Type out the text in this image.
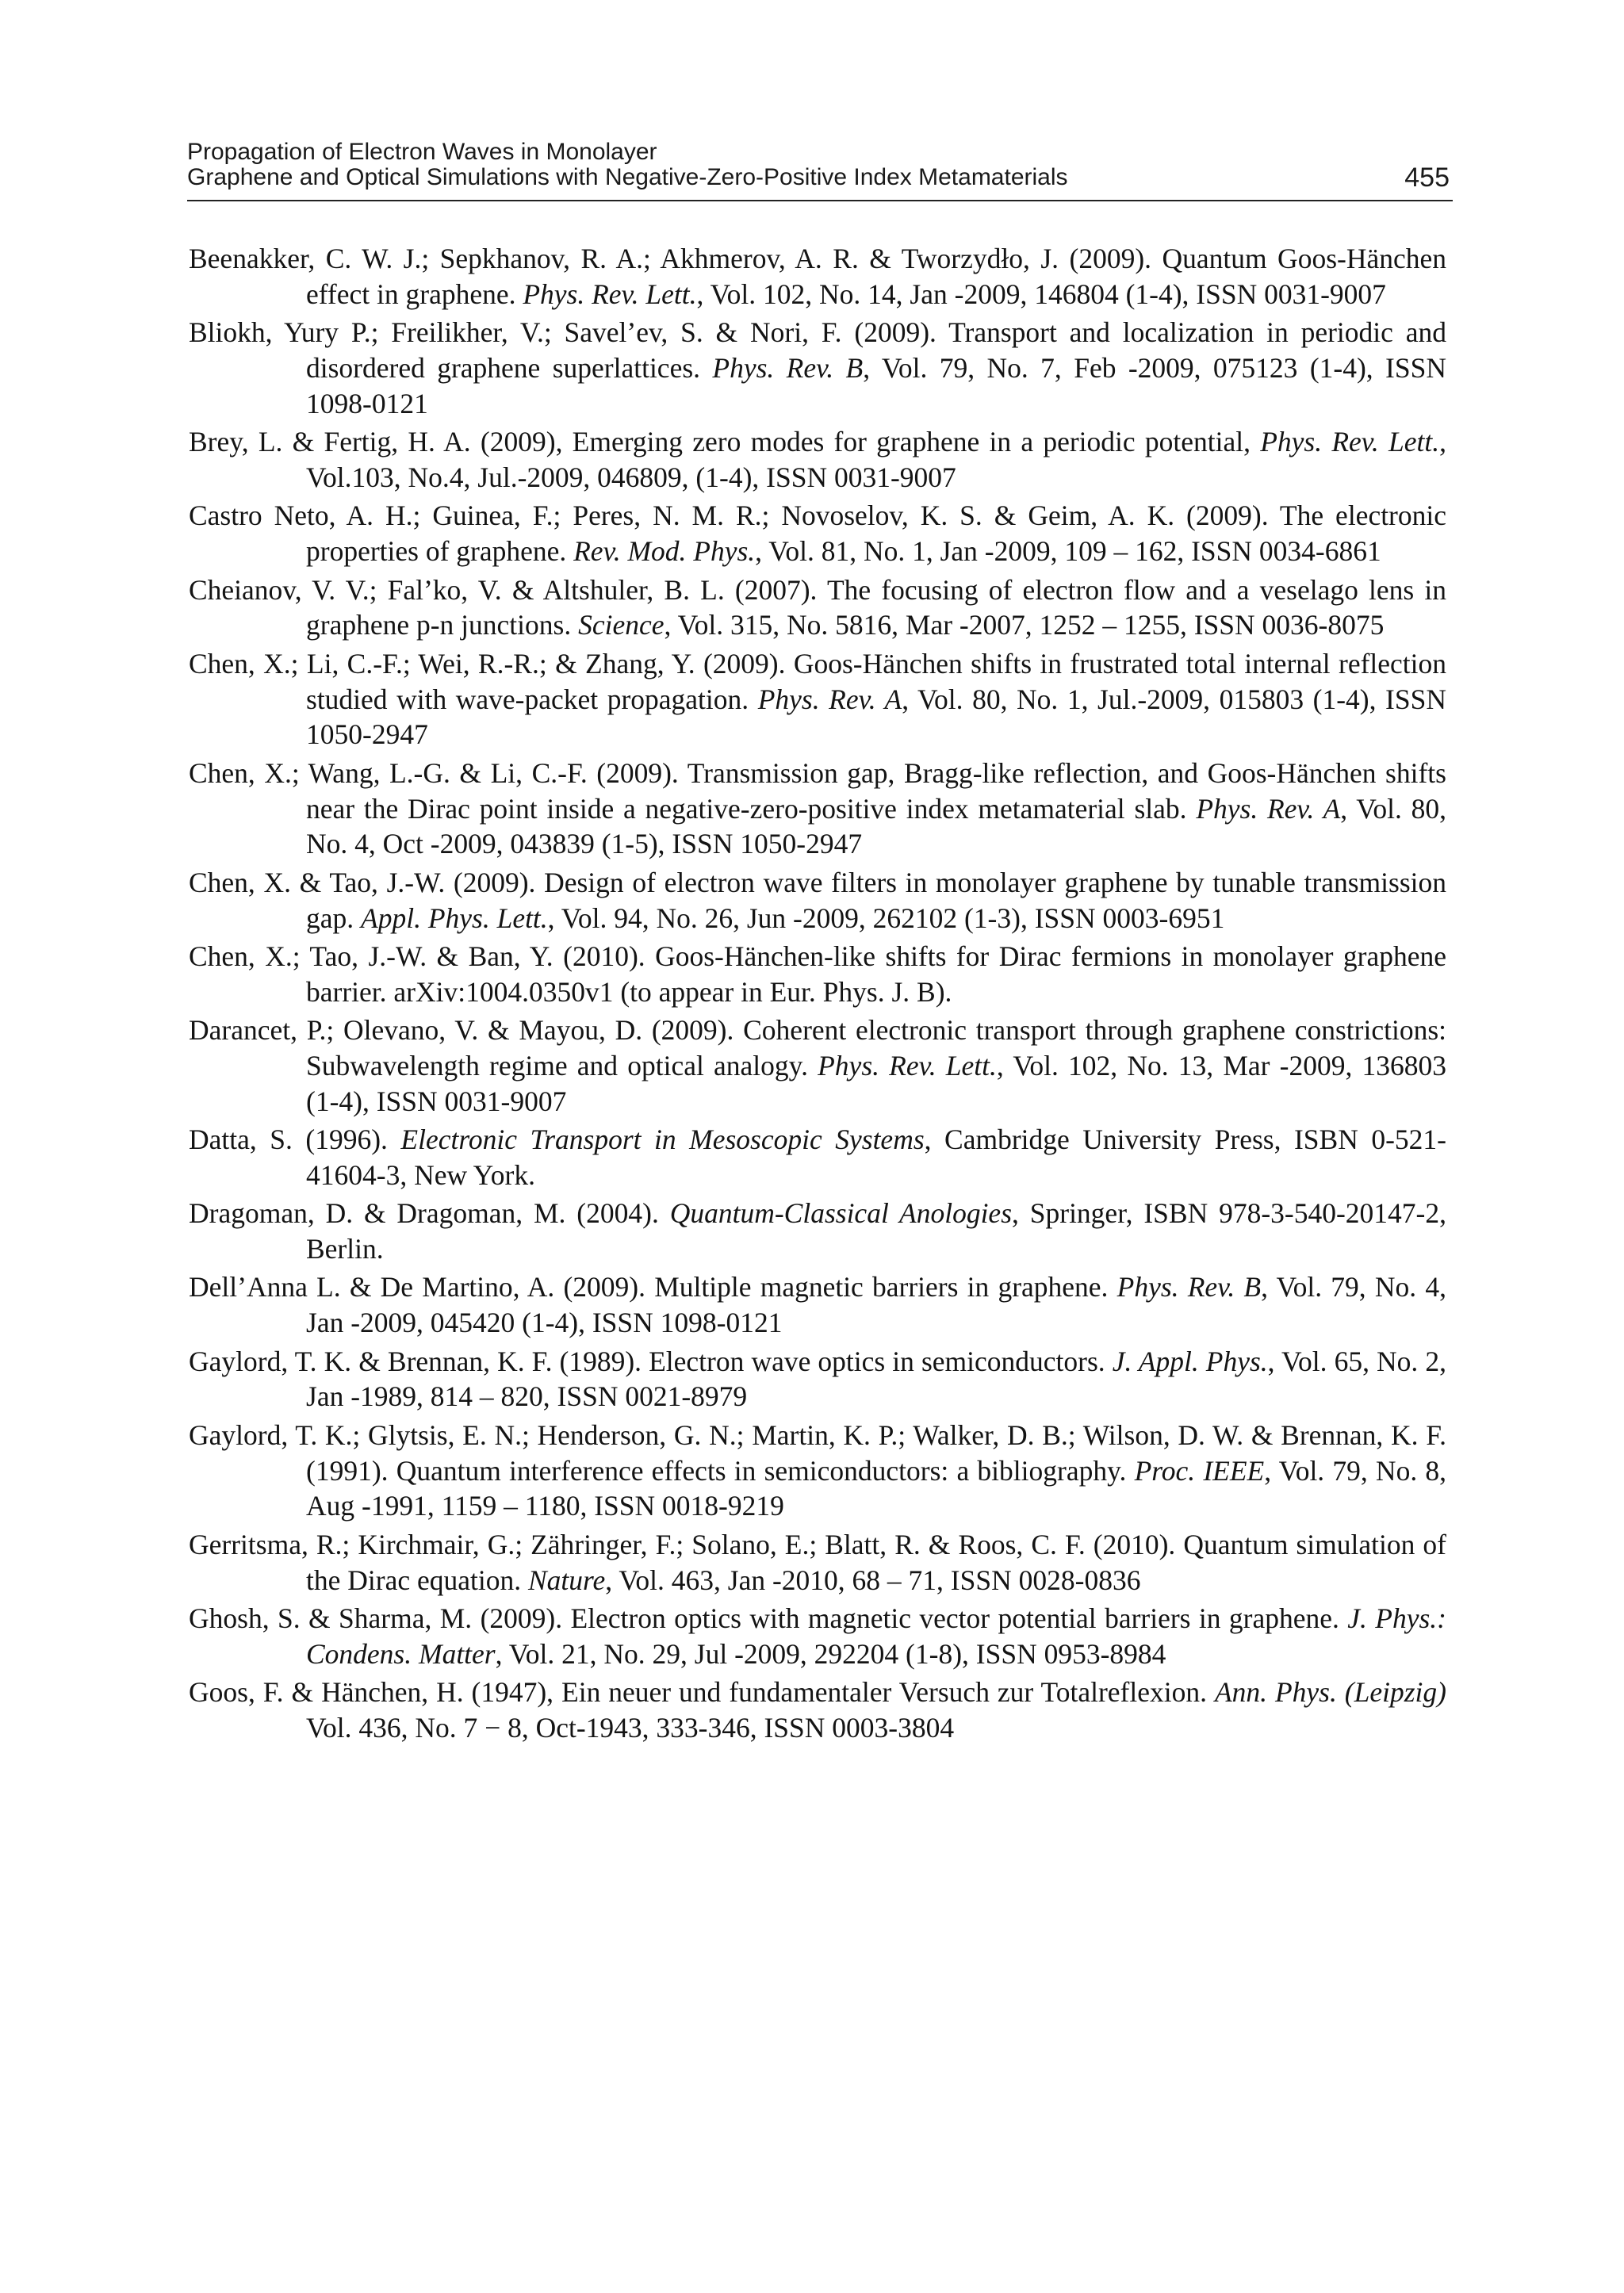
Propagation of Electron Waves in Monolayer
Graphene and Optical Simulations with Negative-Zero-Positive Index Metamaterials	455

Beenakker, C. W. J.; Sepkhanov, R. A.; Akhmerov, A. R. & Tworzydło, J. (2009). Quantum Goos-Hänchen effect in graphene. Phys. Rev. Lett., Vol. 102, No. 14, Jan -2009, 146804 (1-4), ISSN 0031-9007

Bliokh, Yury P.; Freilikher, V.; Savel’ev, S. & Nori, F. (2009). Transport and localization in periodic and disordered graphene superlattices. Phys. Rev. B, Vol. 79, No. 7, Feb -2009, 075123 (1-4), ISSN 1098-0121

Brey, L. & Fertig, H. A. (2009), Emerging zero modes for graphene in a periodic potential, Phys. Rev. Lett., Vol.103, No.4, Jul.-2009, 046809, (1-4), ISSN 0031-9007

Castro Neto, A. H.; Guinea, F.; Peres, N. M. R.; Novoselov, K. S. & Geim, A. K. (2009). The electronic properties of graphene. Rev. Mod. Phys., Vol. 81, No. 1, Jan -2009, 109 – 162, ISSN 0034-6861

Cheianov, V. V.; Fal’ko, V. & Altshuler, B. L. (2007). The focusing of electron flow and a veselago lens in graphene p-n junctions. Science, Vol. 315, No. 5816, Mar -2007, 1252 – 1255, ISSN 0036-8075

Chen, X.; Li, C.-F.; Wei, R.-R.; & Zhang, Y. (2009). Goos-Hänchen shifts in frustrated total internal reflection studied with wave-packet propagation. Phys. Rev. A, Vol. 80, No. 1, Jul.-2009, 015803 (1-4), ISSN 1050-2947

Chen, X.; Wang, L.-G. & Li, C.-F. (2009). Transmission gap, Bragg-like reflection, and Goos-Hänchen shifts near the Dirac point inside a negative-zero-positive index metamaterial slab. Phys. Rev. A, Vol. 80, No. 4, Oct -2009, 043839 (1-5), ISSN 1050-2947

Chen, X. & Tao, J.-W. (2009). Design of electron wave filters in monolayer graphene by tunable transmission gap. Appl. Phys. Lett., Vol. 94, No. 26, Jun -2009, 262102 (1-3), ISSN 0003-6951

Chen, X.; Tao, J.-W. & Ban, Y. (2010). Goos-Hänchen-like shifts for Dirac fermions in monolayer graphene barrier. arXiv:1004.0350v1 (to appear in Eur. Phys. J. B).

Darancet, P.; Olevano, V. & Mayou, D. (2009). Coherent electronic transport through graphene constrictions: Subwavelength regime and optical analogy. Phys. Rev. Lett., Vol. 102, No. 13, Mar -2009, 136803 (1-4), ISSN 0031-9007

Datta, S. (1996). Electronic Transport in Mesoscopic Systems, Cambridge University Press, ISBN 0-521-41604-3, New York.

Dragoman, D. & Dragoman, M. (2004). Quantum-Classical Anologies, Springer, ISBN 978-3-540-20147-2, Berlin.

Dell’Anna L. & De Martino, A. (2009). Multiple magnetic barriers in graphene. Phys. Rev. B, Vol. 79, No. 4, Jan -2009, 045420 (1-4), ISSN 1098-0121

Gaylord, T. K. & Brennan, K. F. (1989). Electron wave optics in semiconductors. J. Appl. Phys., Vol. 65, No. 2, Jan -1989, 814 – 820, ISSN 0021-8979

Gaylord, T. K.; Glytsis, E. N.; Henderson, G. N.; Martin, K. P.; Walker, D. B.; Wilson, D. W. & Brennan, K. F. (1991). Quantum interference effects in semiconductors: a bibliography. Proc. IEEE, Vol. 79, No. 8, Aug -1991, 1159 – 1180, ISSN 0018-9219

Gerritsma, R.; Kirchmair, G.; Zähringer, F.; Solano, E.; Blatt, R. & Roos, C. F. (2010). Quantum simulation of the Dirac equation. Nature, Vol. 463, Jan -2010, 68 – 71, ISSN 0028-0836

Ghosh, S. & Sharma, M. (2009). Electron optics with magnetic vector potential barriers in graphene. J. Phys.: Condens. Matter, Vol. 21, No. 29, Jul -2009, 292204 (1-8), ISSN 0953-8984

Goos, F. & Hänchen, H. (1947), Ein neuer und fundamentaler Versuch zur Totalreflexion. Ann. Phys. (Leipzig) Vol. 436, No. 7 − 8, Oct-1943, 333-346, ISSN 0003-3804
